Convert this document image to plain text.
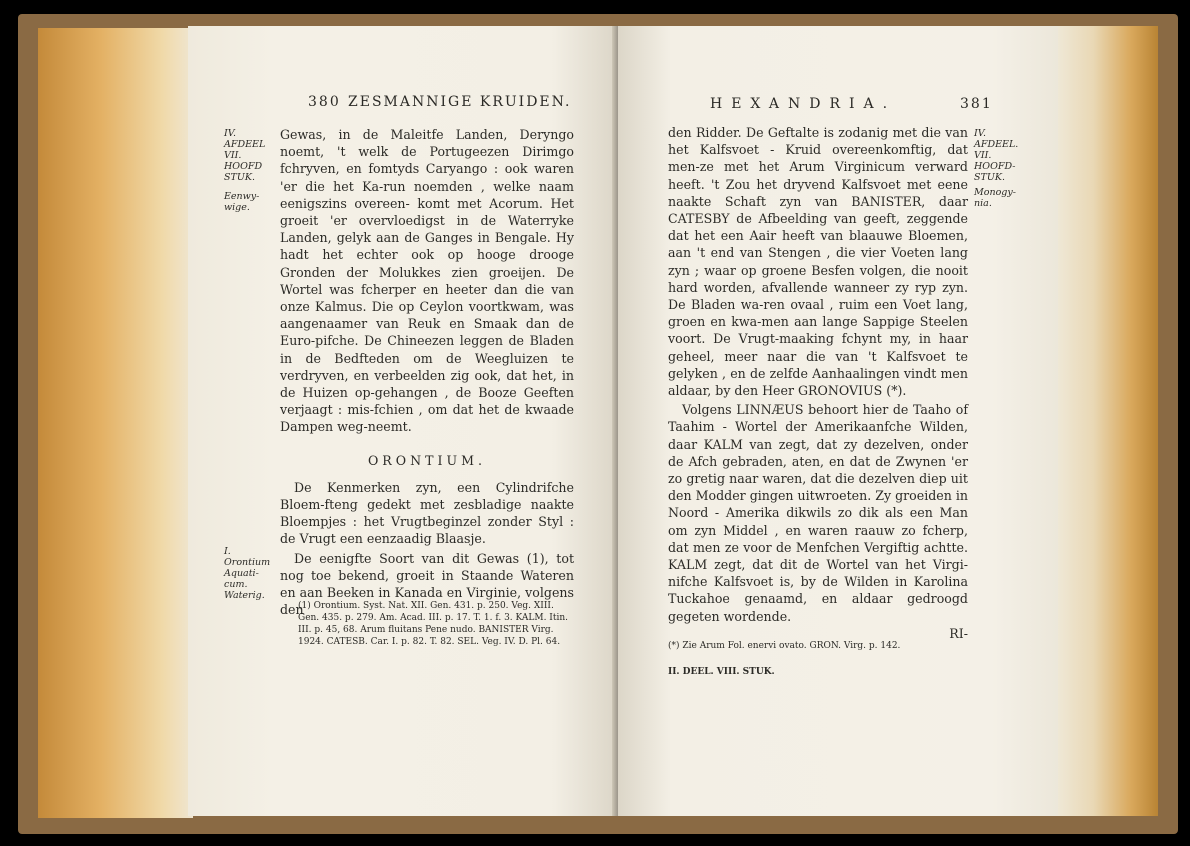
380 ZESMANNIGE KRUIDEN.
IV.
AFDEEL
VII.
HOOFD
STUK.
Eenwy-wige.

Gewas, in de Maleitfe Landen, Deryngo noemt, 't welk de Portugeezen Dirimgo fchryven, en fomtyds Caryango : ook waren 'er die het Ka-run noemden , welke naam eenigszins overeen- komt met Acorum. Het groeit 'er overvloedigst in de Waterryke Landen, gelyk aan de Ganges in Bengale. Hy hadt het echter ook op hooge drooge Gronden der Molukkes zien groeijen. De Wortel was fcherper en heeter dan die van onze Kalmus. Die op Ceylon voortkwam, was aangenaamer van Reuk en Smaak dan de Euro-pifche. De Chineezen leggen de Bladen in de Bedfteden om de Weegluizen te verdryven, en verbeelden zig ook, dat het, in de Huizen op-gehangen , de Booze Geeften verjaagt : mis-fchien , om dat het de kwaade Dampen weg-neemt.

ORONTIUM.

De Kenmerken zyn, een Cylindrifche Bloem-fteng gedekt met zesbladige naakte Bloempjes : het Vrugtbeginzel zonder Styl : de Vrugt een eenzaadig Blaasje.

De eenigfte Soort van dit Gewas (1), tot nog toe bekend, groeit in Staande Wateren en aan Beeken in Kanada en Virginie, volgens den

I.
Orontium
Aquati-
cum.
Waterig.
(1) Orontium. Syst. Nat. XII. Gen. 431. p. 250. Veg. XIII. Gen. 435. p. 279. Am. Acad. III. p. 17. T. 1. f. 3. KALM. Itin. III. p. 45, 68. Arum fluitans Pene nudo. BANISTER Virg. 1924. CATESB. Car. I. p. 82. T. 82. SEL. Veg. IV. D. Pl. 64.
HEXANDRIA.	381

den Ridder. De Geftalte is zodanig met die van het Kalfsvoet - Kruid overeenkomftig, dat men-ze met het Arum Virginicum verward heeft. 't Zou het dryvend Kalfsvoet met eene naakte Schaft zyn van BANISTER, daar CATESBY de Afbeelding van geeft, zeggende dat het een Aair heeft van blaauwe Bloemen, aan 't end van Stengen , die vier Voeten lang zyn ; waar op groene Besfen volgen, die nooit hard worden, afvallende wanneer zy ryp zyn. De Bladen wa-ren ovaal , ruim een Voet lang, groen en kwa-men aan lange Sappige Steelen voort. De Vrugt-maaking fchynt my, in haar geheel, meer naar die van 't Kalfsvoet te gelyken , en de zelfde Aanhaalingen vindt men aldaar, by den Heer GRONOVIUS (*).

Volgens LINNÆUS behoort hier de Taaho of Taahim - Wortel der Amerikaanfche Wilden, daar KALM van zegt, dat zy dezelven, onder de Afch gebraden, aten, en dat de Zwynen 'er zo gretig naar waren, dat die dezelven diep uit den Modder gingen uitwroeten. Zy groeiden in Noord - Amerika dikwils zo dik als een Man om zyn Middel , en waren raauw zo fcherp, dat men ze voor de Menfchen Vergiftig achtte. KALM zegt, dat dit de Wortel van het Virgi-nifche Kalfsvoet is, by de Wilden in Karolina Tuckahoe genaamd, en aldaar gedroogd gegeten wordende.

RI-
IV.
AFDEEL.
VII.
HOOFD-
STUK.
Monogy-nia.
(*) Zie Arum Fol. enervi ovato. GRON. Virg. p. 142.
II. DEEL. VIII. STUK.
